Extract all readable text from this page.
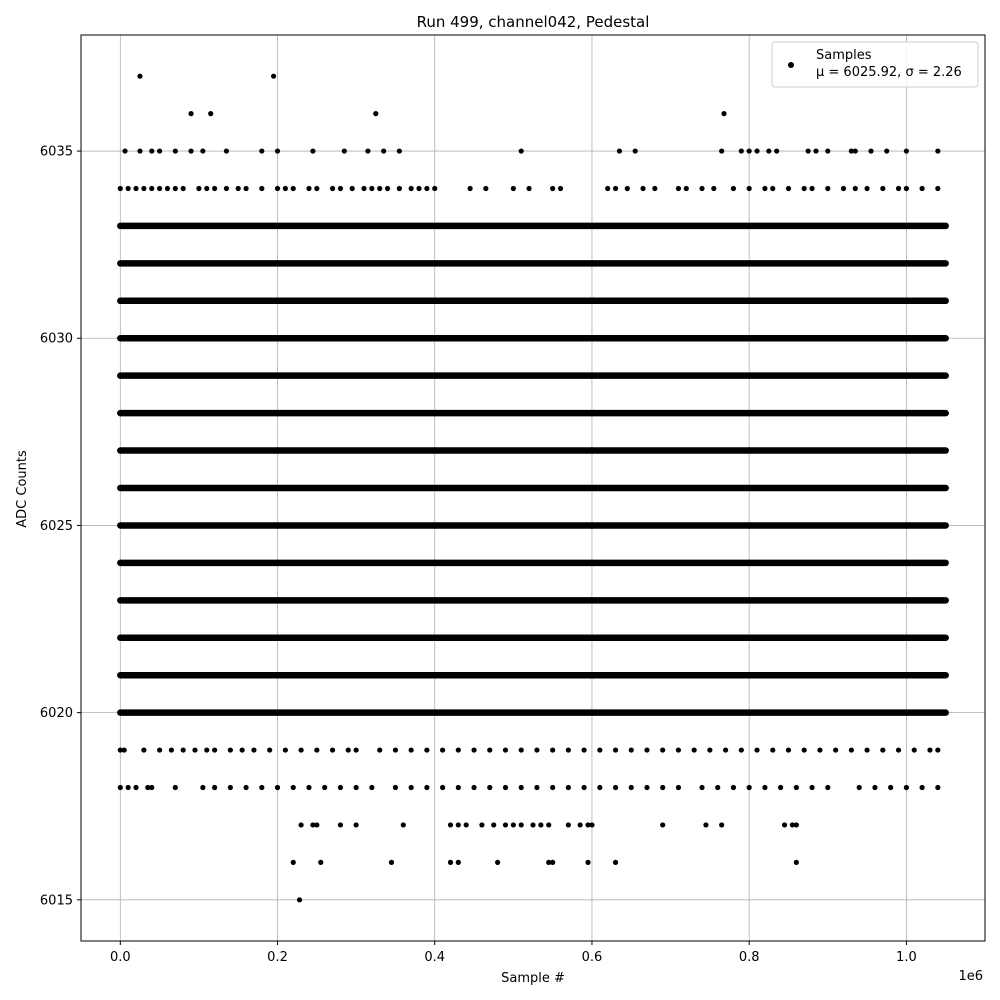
0.0	0.2	0.4	0.6	0.8	1.0
6015
6020
6025
6030
6035
Run 499, channel042, Pedestal
Sample #
ADC Counts
1e6
Samples
μ = 6025.92, σ = 2.26
